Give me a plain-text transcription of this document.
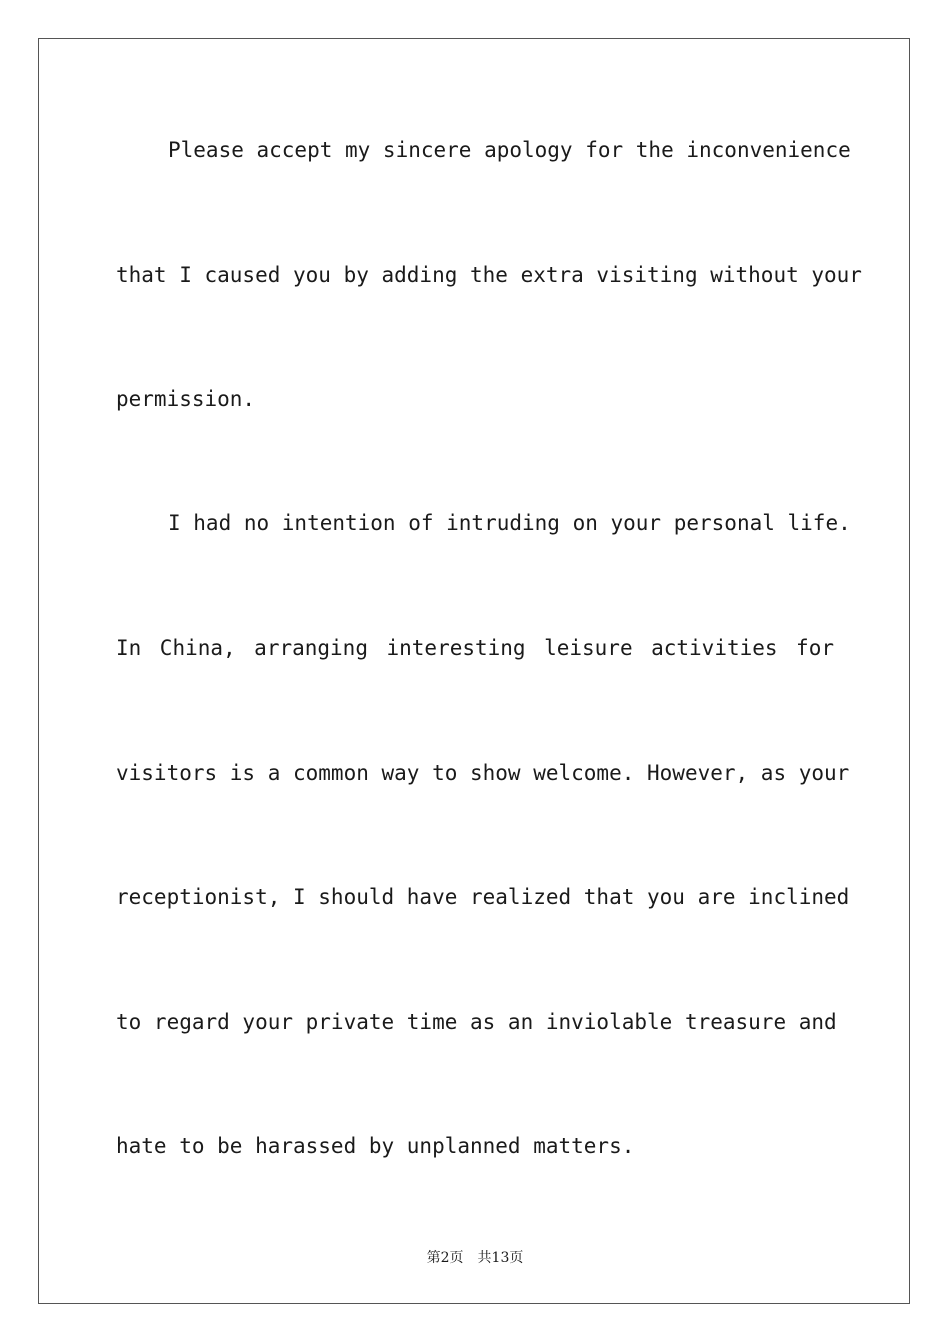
Please accept my sincere apology for the inconvenience
that I caused you by adding the extra visiting without your
permission.
I had no intention of intruding on your personal life.
In China, arranging interesting leisure activities for
visitors is a common way to show welcome. However, as your
receptionist, I should have realized that you are inclined
to regard your private time as an inviolable treasure and
hate to be harassed by unplanned matters.
第2页 共13页
